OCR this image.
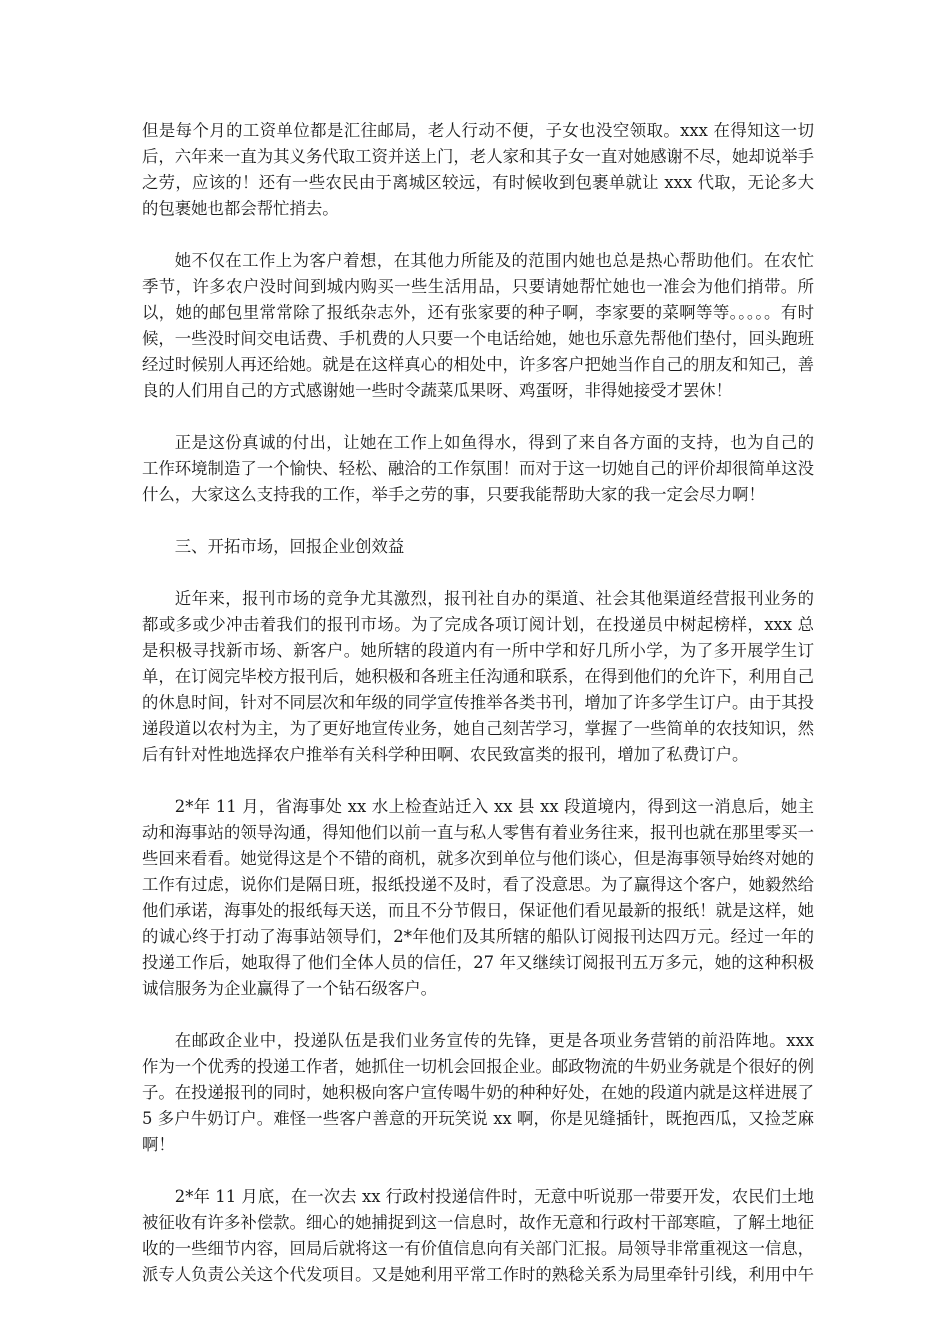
但是每个月的工资单位都是汇往邮局，老人行动不便，子女也没空领取。xxx 在得知这一切后，六年来一直为其义务代取工资并送上门，老人家和其子女一直对她感谢不尽，她却说举手之劳，应该的！还有一些农民由于离城区较远，有时候收到包裹单就让 xxx 代取，无论多大的包裹她也都会帮忙捎去。

她不仅在工作上为客户着想，在其他力所能及的范围内她也总是热心帮助他们。在农忙季节，许多农户没时间到城内购买一些生活用品，只要请她帮忙她也一准会为他们捎带。所以，她的邮包里常常除了报纸杂志外，还有张家要的种子啊，李家要的菜啊等等。。。。。有时候，一些没时间交电话费、手机费的人只要一个电话给她，她也乐意先帮他们垫付，回头跑班经过时候别人再还给她。就是在这样真心的相处中，许多客户把她当作自己的朋友和知己，善良的人们用自己的方式感谢她一些时令蔬菜瓜果呀、鸡蛋呀，非得她接受才罢休！

正是这份真诚的付出，让她在工作上如鱼得水，得到了来自各方面的支持，也为自己的工作环境制造了一个愉快、轻松、融洽的工作氛围！而对于这一切她自己的评价却很简单这没什么，大家这么支持我的工作，举手之劳的事，只要我能帮助大家的我一定会尽力啊！

三、开拓市场，回报企业创效益

近年来，报刊市场的竞争尤其激烈，报刊社自办的渠道、社会其他渠道经营报刊业务的都或多或少冲击着我们的报刊市场。为了完成各项订阅计划，在投递员中树起榜样，xxx 总是积极寻找新市场、新客户。她所辖的段道内有一所中学和好几所小学，为了多开展学生订单，在订阅完毕校方报刊后，她积极和各班主任沟通和联系，在得到他们的允许下，利用自己的休息时间，针对不同层次和年级的同学宣传推举各类书刊，增加了许多学生订户。由于其投递段道以农村为主，为了更好地宣传业务，她自己刻苦学习，掌握了一些简单的农技知识，然后有针对性地选择农户推举有关科学种田啊、农民致富类的报刊，增加了私费订户。

2*年 11 月，省海事处 xx 水上检查站迁入 xx 县 xx 段道境内，得到这一消息后，她主动和海事站的领导沟通，得知他们以前一直与私人零售有着业务往来，报刊也就在那里零买一些回来看看。她觉得这是个不错的商机，就多次到单位与他们谈心，但是海事领导始终对她的工作有过虑，说你们是隔日班，报纸投递不及时，看了没意思。为了赢得这个客户，她毅然给他们承诺，海事处的报纸每天送，而且不分节假日，保证他们看见最新的报纸！就是这样，她的诚心终于打动了海事站领导们，2*年他们及其所辖的船队订阅报刊达四万元。经过一年的投递工作后，她取得了他们全体人员的信任，27 年又继续订阅报刊五万多元，她的这种积极诚信服务为企业赢得了一个钻石级客户。

在邮政企业中，投递队伍是我们业务宣传的先锋，更是各项业务营销的前沿阵地。xxx 作为一个优秀的投递工作者，她抓住一切机会回报企业。邮政物流的牛奶业务就是个很好的例子。在投递报刊的同时，她积极向客户宣传喝牛奶的种种好处，在她的段道内就是这样进展了 5 多户牛奶订户。难怪一些客户善意的开玩笑说 xx 啊，你是见缝插针，既抱西瓜，又捡芝麻啊！

2*年 11 月底，在一次去 xx 行政村投递信件时，无意中听说那一带要开发，农民们土地被征收有许多补偿款。细心的她捕捉到这一信息时，故作无意和行政村干部寒暄，了解土地征收的一些细节内容，回局后就将这一有价值信息向有关部门汇报。局领导非常重视这一信息，派专人负责公关这个代发项目。又是她利用平常工作时的熟稔关系为局里牵针引线，利用中午
